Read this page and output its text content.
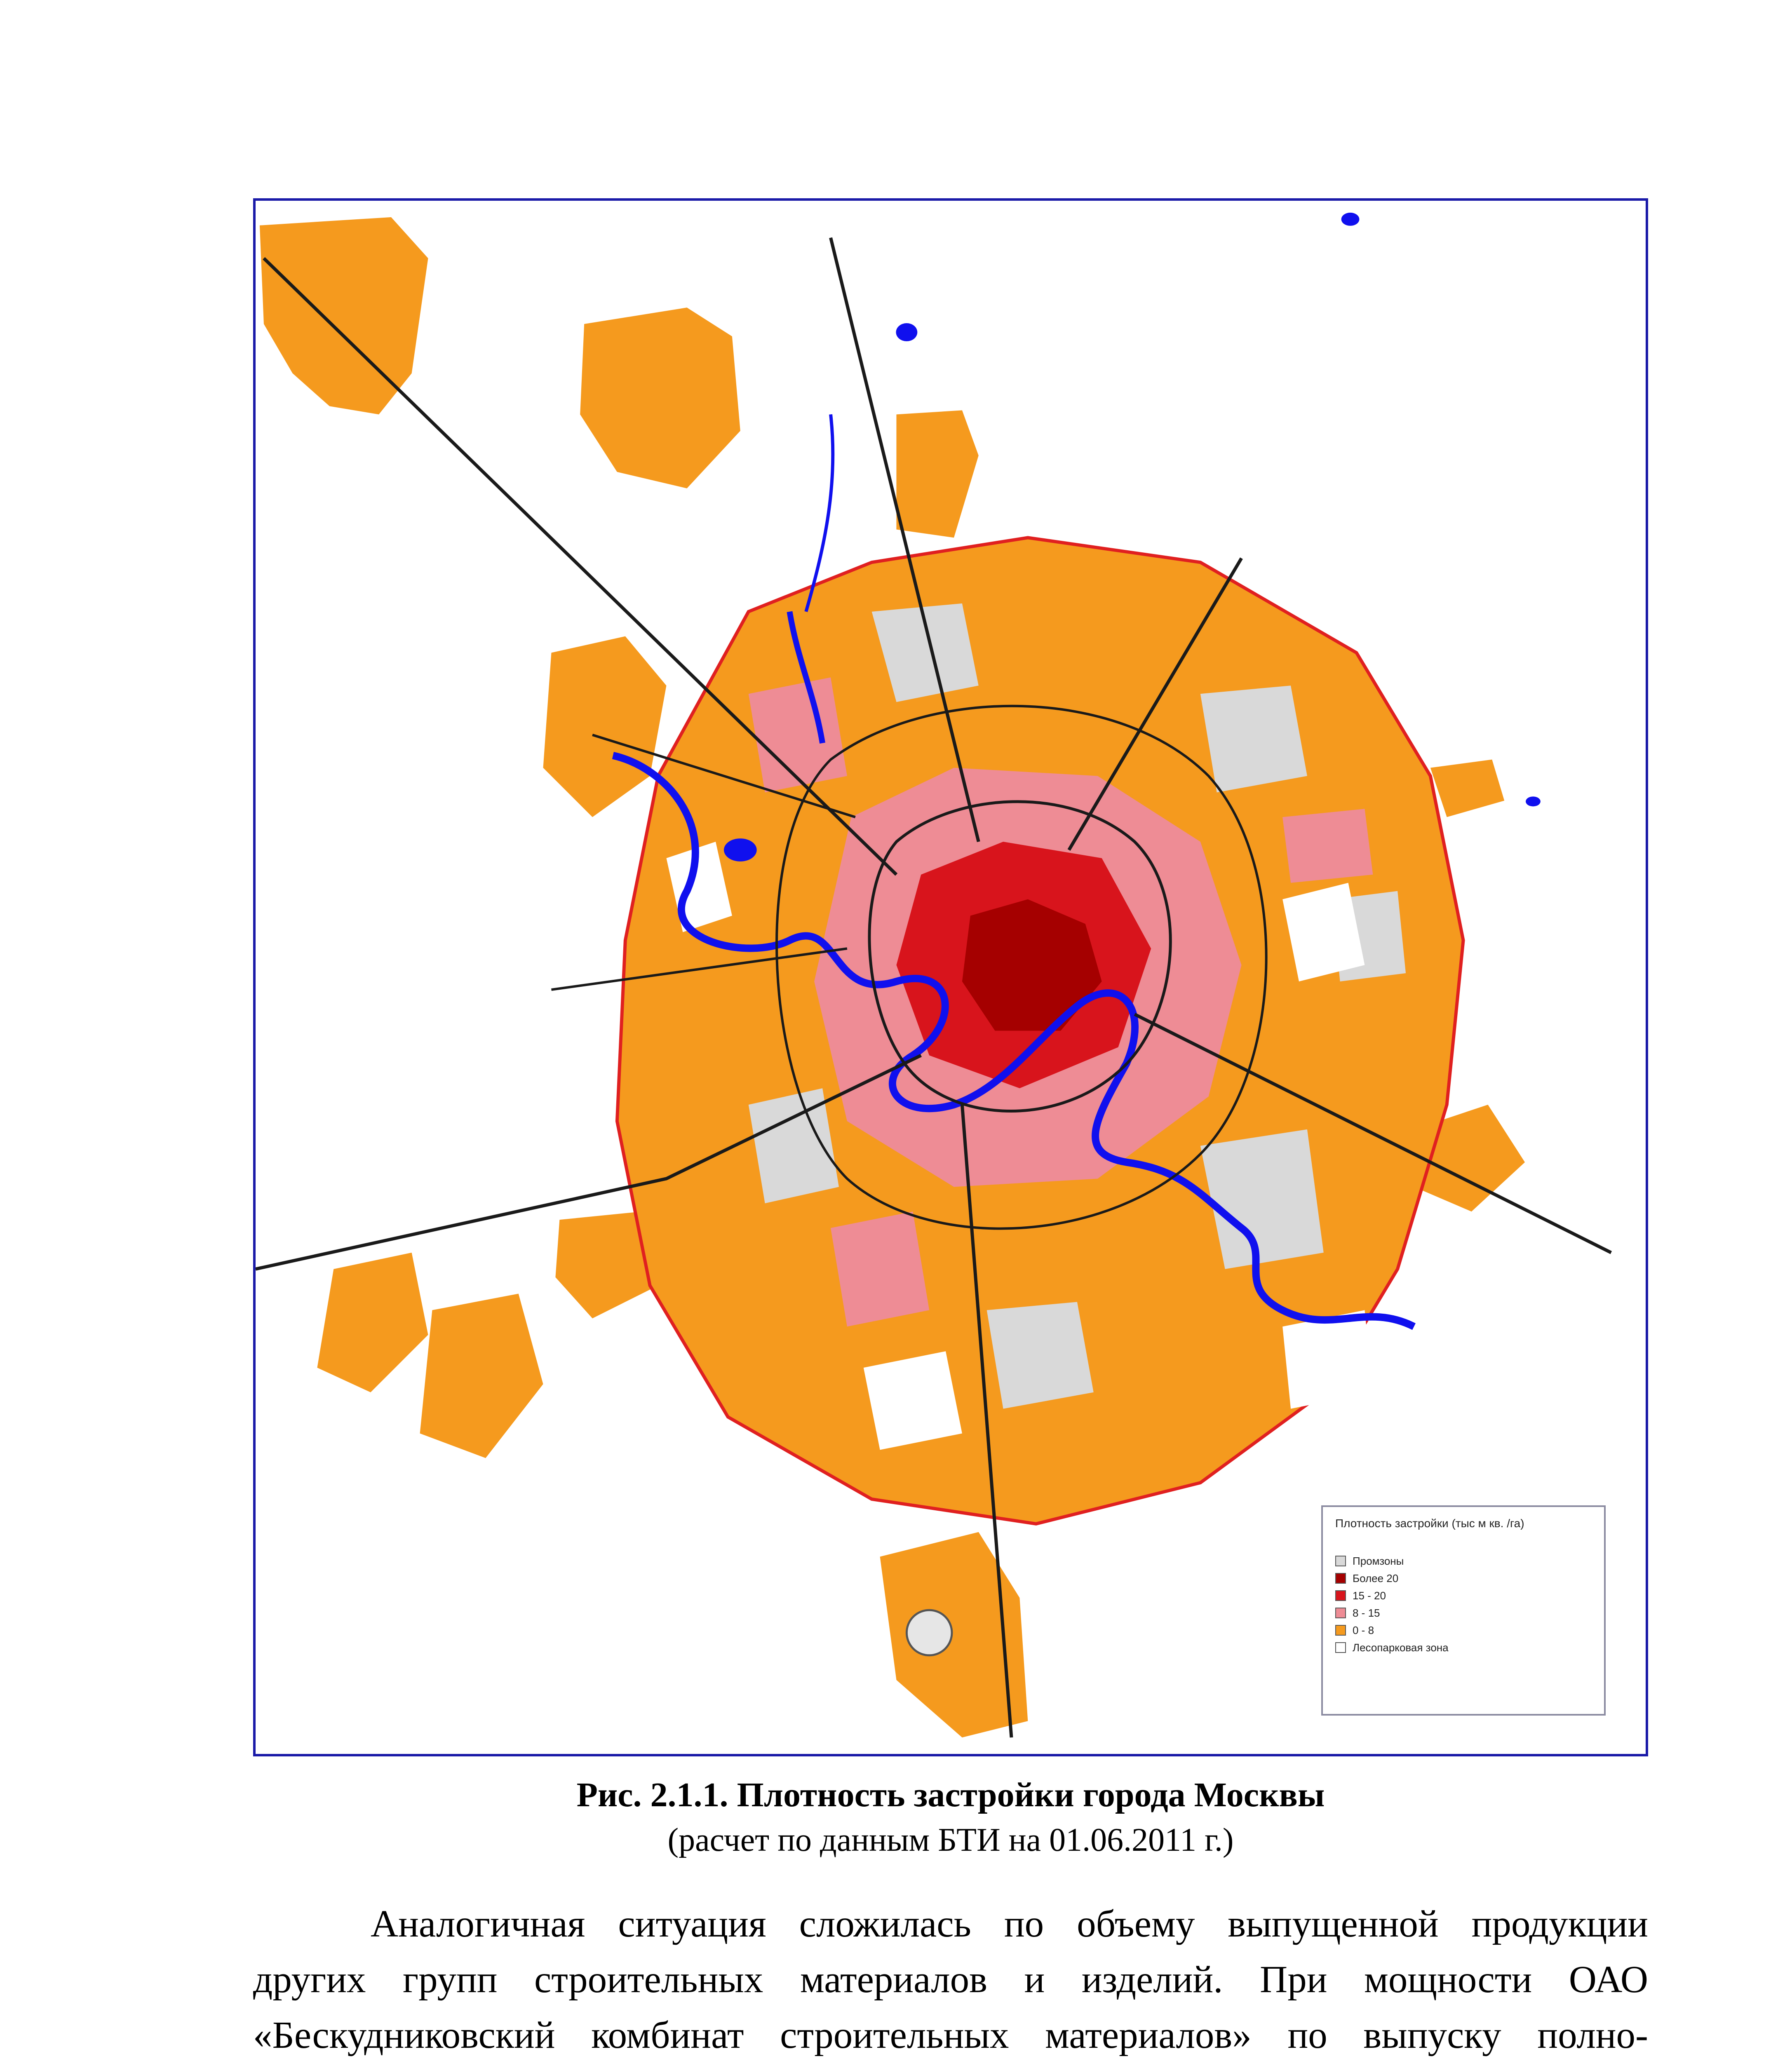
Плотность застройки (тыс м кв. /га)
Промзоны
Более 20
15 - 20
8 - 15
0 - 8
Лесопарковая зона
Рис. 2.1.1. Плотность застройки города Москвы
(расчет по данным БТИ на 01.06.2011 г.)
Аналогичная ситуация сложилась по объему выпущенной продукции
других групп строительных материалов и изделий. При мощности ОАО
«Бескудниковский комбинат строительных материалов» по выпуску полно-
